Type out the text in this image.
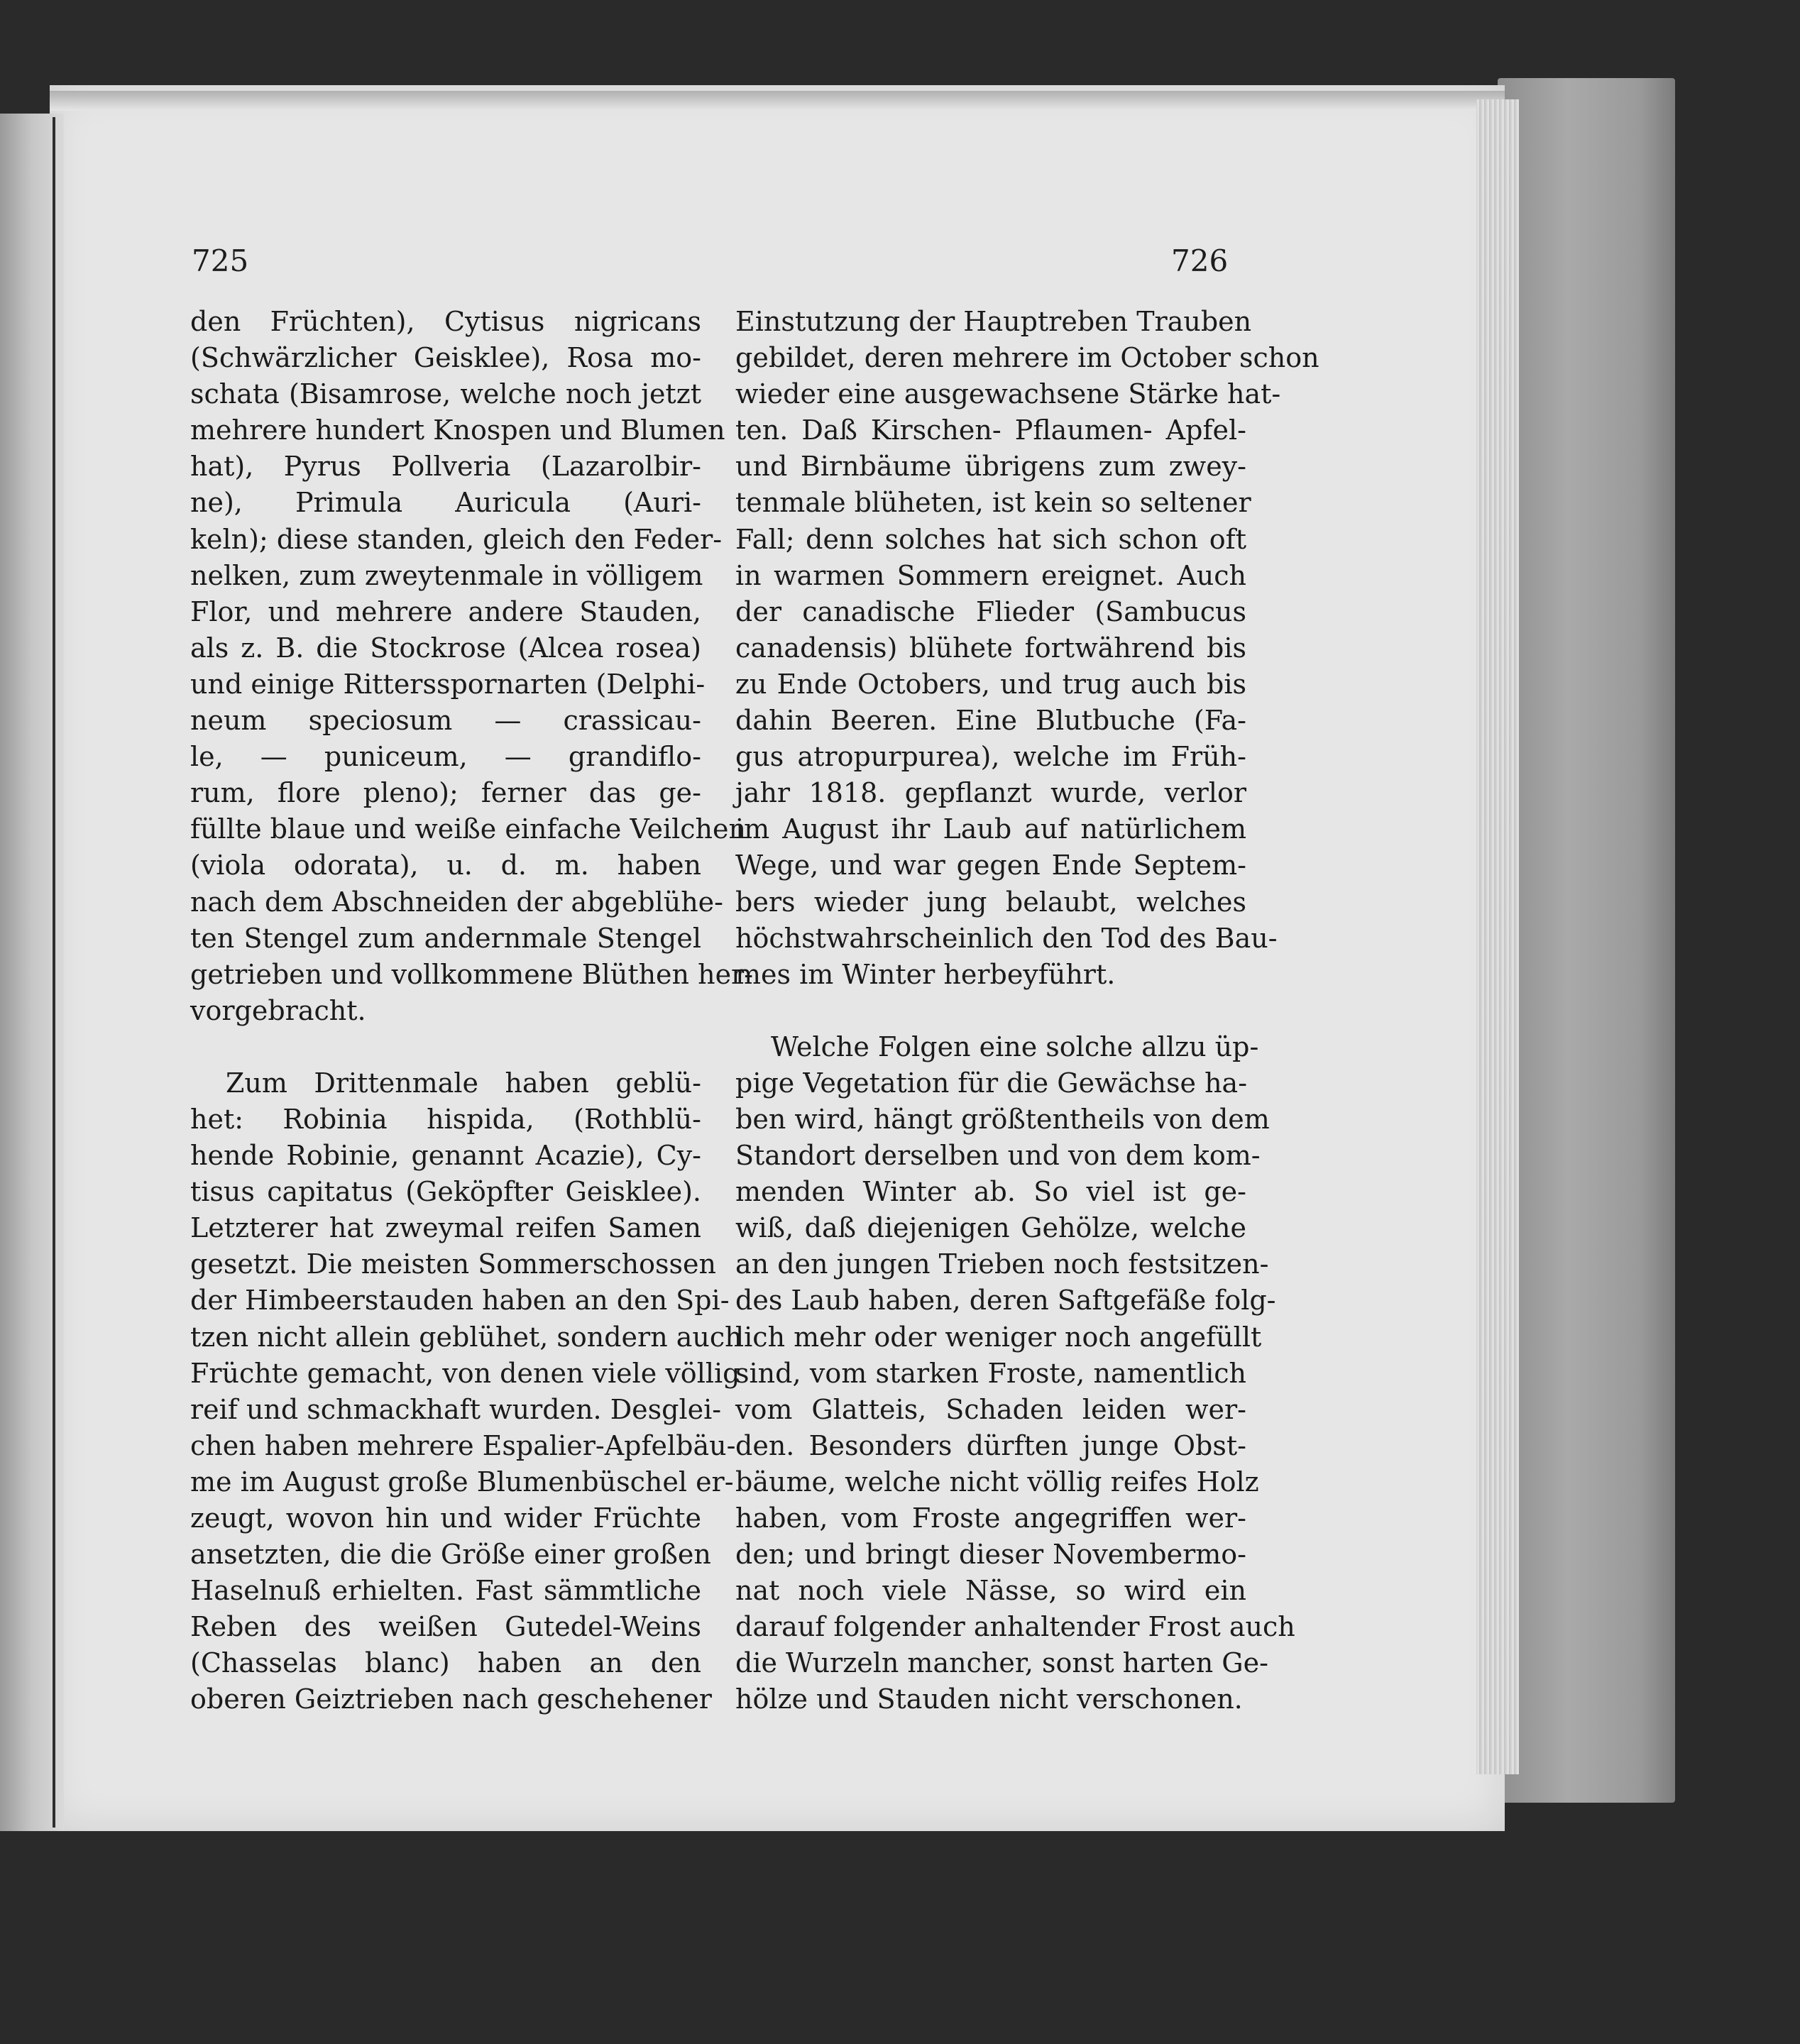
725	726
den Früchten), Cytisus nigricans
(Schwärzlicher Geisklee), Rosa mo-
schata (Bisamrose, welche noch jetzt
mehrere hundert Knospen und Blumen
hat), Pyrus Pollveria (Lazarolbir-
ne), Primula Auricula (Auri-
keln); diese standen, gleich den Feder-
nelken, zum zweytenmale in völligem
Flor, und mehrere andere Stauden,
als z. B. die Stockrose (Alcea rosea)
und einige Rittersspornarten (Delphi-
neum speciosum — crassicau-
le, — puniceum, — grandiflo-
rum, flore pleno); ferner das ge-
füllte blaue und weiße einfache Veilchen
(viola odorata), u. d. m. haben
nach dem Abschneiden der abgeblühe-
ten Stengel zum andernmale Stengel
getrieben und vollkommene Blüthen her-
vorgebracht.
Zum Drittenmale haben geblü-
het: Robinia hispida, (Rothblü-
hende Robinie, genannt Acazie), Cy-
tisus capitatus (Geköpfter Geisklee).
Letzterer hat zweymal reifen Samen
gesetzt. Die meisten Sommerschossen
der Himbeerstauden haben an den Spi-
tzen nicht allein geblühet, sondern auch
Früchte gemacht, von denen viele völlig
reif und schmackhaft wurden. Desglei-
chen haben mehrere Espalier-Apfelbäu-
me im August große Blumenbüschel er-
zeugt, wovon hin und wider Früchte
ansetzten, die die Größe einer großen
Haselnuß erhielten. Fast sämmtliche
Reben des weißen Gutedel-Weins
(Chasselas blanc) haben an den
oberen Geiztrieben nach geschehener
Einstutzung der Hauptreben Trauben
gebildet, deren mehrere im October schon
wieder eine ausgewachsene Stärke hat-
ten. Daß Kirschen- Pflaumen- Apfel-
und Birnbäume übrigens zum zwey-
tenmale blüheten, ist kein so seltener
Fall; denn solches hat sich schon oft
in warmen Sommern ereignet. Auch
der canadische Flieder (Sambucus
canadensis) blühete fortwährend bis
zu Ende Octobers, und trug auch bis
dahin Beeren. Eine Blutbuche (Fa-
gus atropurpurea), welche im Früh-
jahr 1818. gepflanzt wurde, verlor
im August ihr Laub auf natürlichem
Wege, und war gegen Ende Septem-
bers wieder jung belaubt, welches
höchstwahrscheinlich den Tod des Bau-
mes im Winter herbeyführt.
Welche Folgen eine solche allzu üp-
pige Vegetation für die Gewächse ha-
ben wird, hängt größtentheils von dem
Standort derselben und von dem kom-
menden Winter ab. So viel ist ge-
wiß, daß diejenigen Gehölze, welche
an den jungen Trieben noch festsitzen-
des Laub haben, deren Saftgefäße folg-
lich mehr oder weniger noch angefüllt
sind, vom starken Froste, namentlich
vom Glatteis, Schaden leiden wer-
den. Besonders dürften junge Obst-
bäume, welche nicht völlig reifes Holz
haben, vom Froste angegriffen wer-
den; und bringt dieser Novembermo-
nat noch viele Nässe, so wird ein
darauf folgender anhaltender Frost auch
die Wurzeln mancher, sonst harten Ge-
hölze und Stauden nicht verschonen.
